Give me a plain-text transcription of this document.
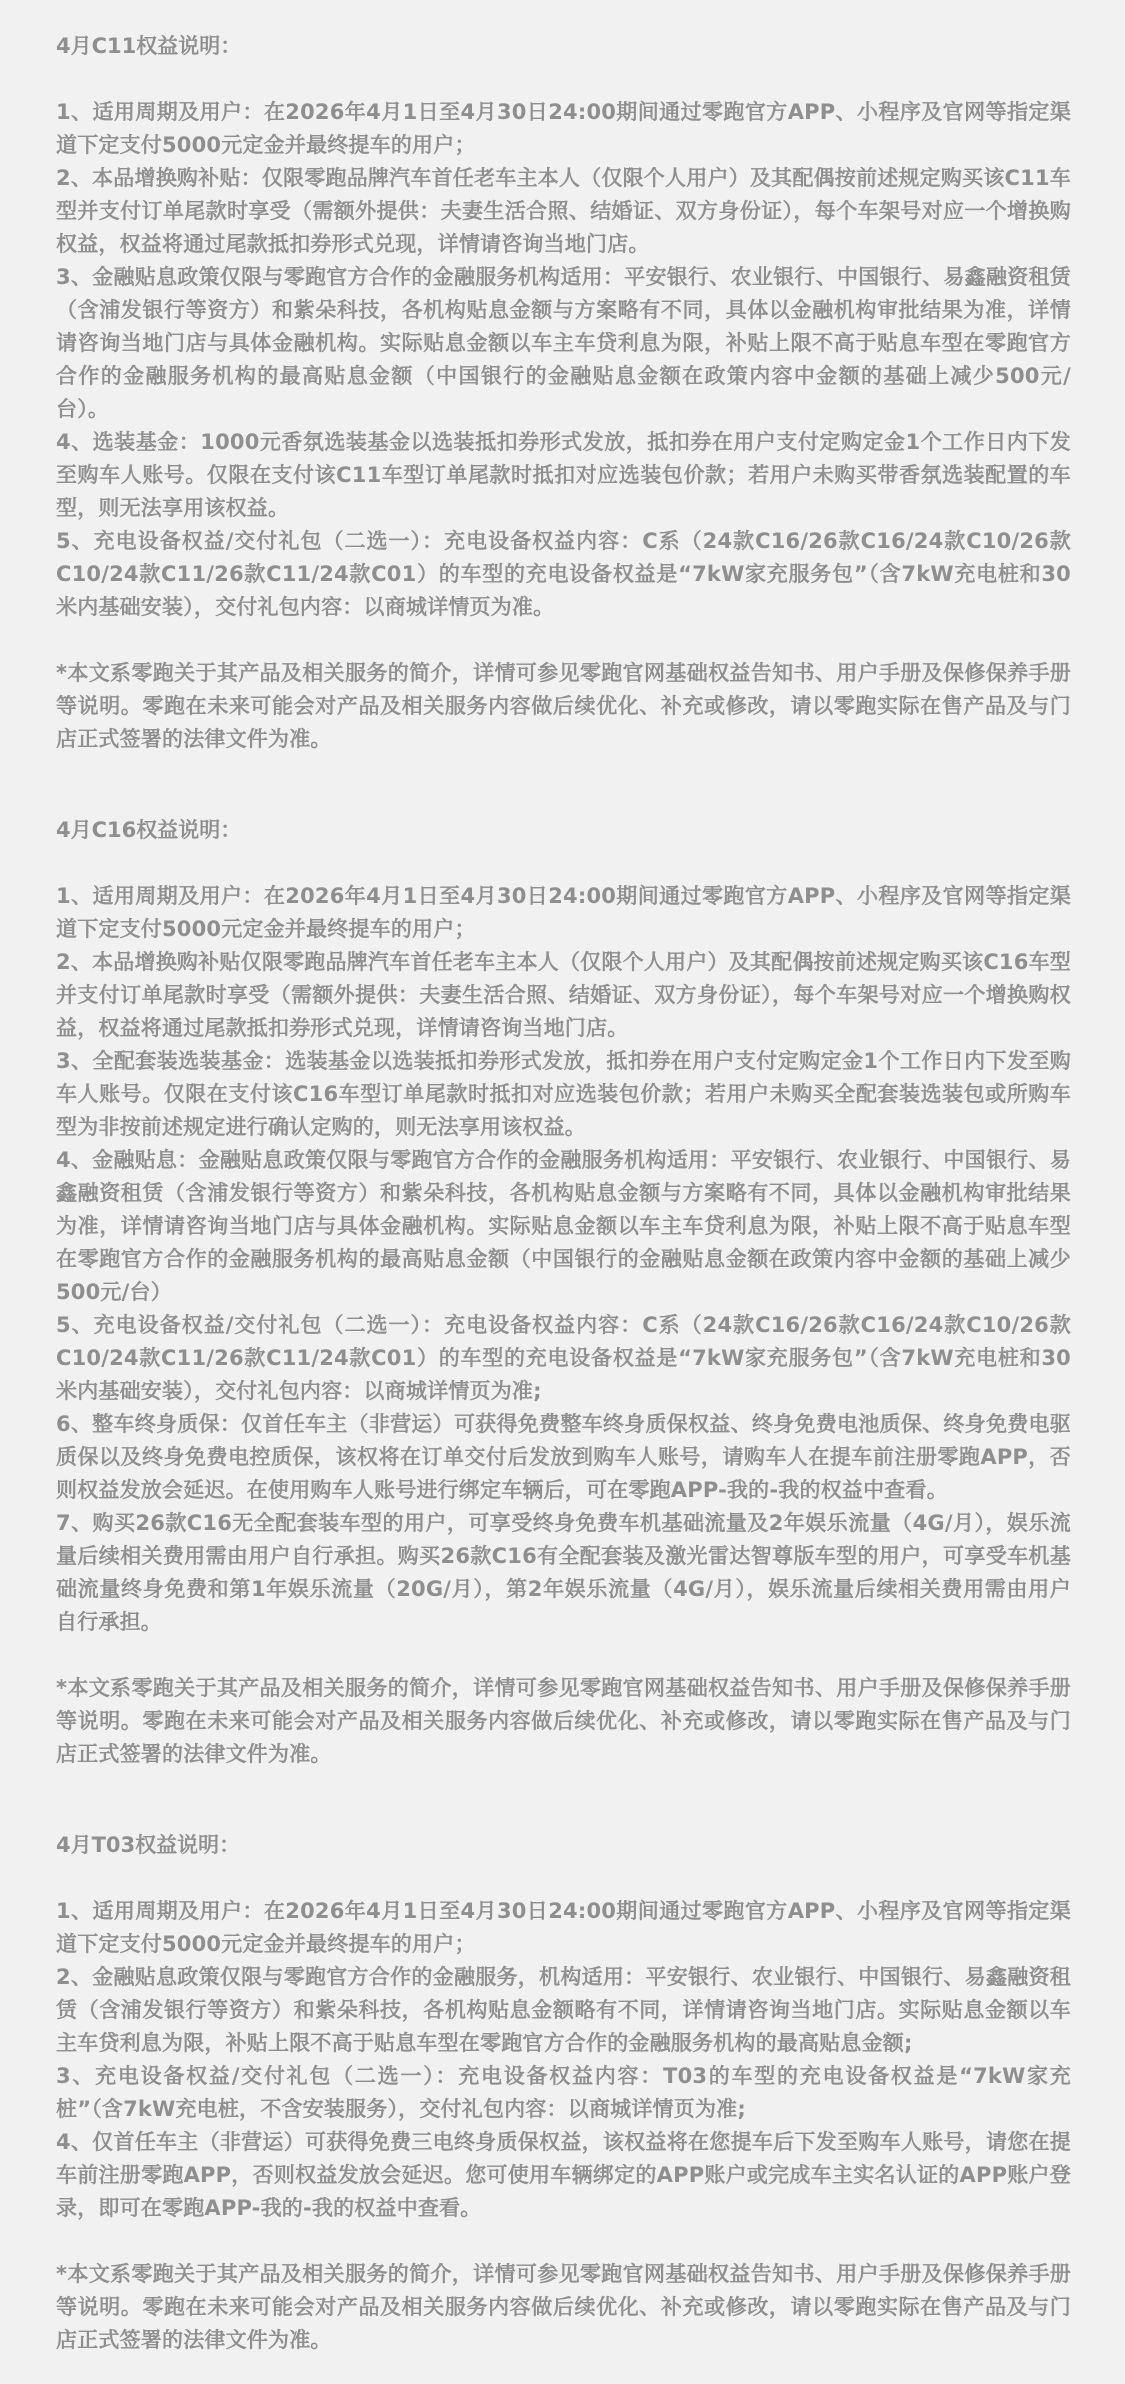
4月C11权益说明：

1、适用周期及用户：在2026年4月1日至4月30日24:00期间通过零跑官方APP、小程序及官网等指定渠道下定支付5000元定金并最终提车的用户；

2、本品增换购补贴：仅限零跑品牌汽车首任老车主本人（仅限个人用户）及其配偶按前述规定购买该C11车型并支付订单尾款时享受（需额外提供：夫妻生活合照、结婚证、双方身份证），每个车架号对应一个增换购权益，权益将通过尾款抵扣券形式兑现，详情请咨询当地门店。

3、金融贴息政策仅限与零跑官方合作的金融服务机构适用：平安银行、农业银行、中国银行、易鑫融资租赁（含浦发银行等资方）和紫朵科技，各机构贴息金额与方案略有不同，具体以金融机构审批结果为准，详情请咨询当地门店与具体金融机构。实际贴息金额以车主车贷利息为限，补贴上限不高于贴息车型在零跑官方合作的金融服务机构的最高贴息金额（中国银行的金融贴息金额在政策内容中金额的基础上减少500元/台）。

4、选装基金：1000元香氛选装基金以选装抵扣券形式发放，抵扣券在用户支付定购定金1个工作日内下发至购车人账号。仅限在支付该C11车型订单尾款时抵扣对应选装包价款；若用户未购买带香氛选装配置的车型，则无法享用该权益。

5、充电设备权益/交付礼包（二选一）：充电设备权益内容：C系（24款C16/26款C16/24款C10/26款C10/24款C11/26款C11/24款C01）的车型的充电设备权益是“7kW家充服务包”（含7kW充电桩和30米内基础安装），交付礼包内容：以商城详情页为准。

*本文系零跑关于其产品及相关服务的简介，详情可参见零跑官网基础权益告知书、用户手册及保修保养手册等说明。零跑在未来可能会对产品及相关服务内容做后续优化、补充或修改，请以零跑实际在售产品及与门店正式签署的法律文件为准。

4月C16权益说明：

1、适用周期及用户：在2026年4月1日至4月30日24:00期间通过零跑官方APP、小程序及官网等指定渠道下定支付5000元定金并最终提车的用户；

2、本品增换购补贴仅限零跑品牌汽车首任老车主本人（仅限个人用户）及其配偶按前述规定购买该C16车型并支付订单尾款时享受（需额外提供：夫妻生活合照、结婚证、双方身份证），每个车架号对应一个增换购权益，权益将通过尾款抵扣券形式兑现，详情请咨询当地门店。

3、全配套装选装基金：选装基金以选装抵扣券形式发放，抵扣券在用户支付定购定金1个工作日内下发至购车人账号。仅限在支付该C16车型订单尾款时抵扣对应选装包价款；若用户未购买全配套装选装包或所购车型为非按前述规定进行确认定购的，则无法享用该权益。

4、金融贴息：金融贴息政策仅限与零跑官方合作的金融服务机构适用：平安银行、农业银行、中国银行、易鑫融资租赁（含浦发银行等资方）和紫朵科技，各机构贴息金额与方案略有不同，具体以金融机构审批结果为准，详情请咨询当地门店与具体金融机构。实际贴息金额以车主车贷利息为限，补贴上限不高于贴息车型在零跑官方合作的金融服务机构的最高贴息金额（中国银行的金融贴息金额在政策内容中金额的基础上减少500元/台）

5、充电设备权益/交付礼包（二选一）：充电设备权益内容：C系（24款C16/26款C16/24款C10/26款C10/24款C11/26款C11/24款C01）的车型的充电设备权益是“7kW家充服务包”（含7kW充电桩和30米内基础安装），交付礼包内容：以商城详情页为准;

6、整车终身质保：仅首任车主（非营运）可获得免费整车终身质保权益、终身免费电池质保、终身免费电驱质保以及终身免费电控质保，该权将在订单交付后发放到购车人账号，请购车人在提车前注册零跑APP，否则权益发放会延迟。在使用购车人账号进行绑定车辆后，可在零跑APP-我的-我的权益中查看。

7、购买26款C16无全配套装车型的用户，可享受终身免费车机基础流量及2年娱乐流量（4G/月），娱乐流量后续相关费用需由用户自行承担。购买26款C16有全配套装及激光雷达智尊版车型的用户，可享受车机基础流量终身免费和第1年娱乐流量（20G/月），第2年娱乐流量（4G/月），娱乐流量后续相关费用需由用户自行承担。

*本文系零跑关于其产品及相关服务的简介，详情可参见零跑官网基础权益告知书、用户手册及保修保养手册等说明。零跑在未来可能会对产品及相关服务内容做后续优化、补充或修改，请以零跑实际在售产品及与门店正式签署的法律文件为准。

4月T03权益说明：

1、适用周期及用户：在2026年4月1日至4月30日24:00期间通过零跑官方APP、小程序及官网等指定渠道下定支付5000元定金并最终提车的用户；

2、金融贴息政策仅限与零跑官方合作的金融服务，机构适用：平安银行、农业银行、中国银行、易鑫融资租赁（含浦发银行等资方）和紫朵科技，各机构贴息金额略有不同，详情请咨询当地门店。实际贴息金额以车主车贷利息为限，补贴上限不高于贴息车型在零跑官方合作的金融服务机构的最高贴息金额;

3、充电设备权益/交付礼包（二选一）：充电设备权益内容：T03的车型的充电设备权益是“7kW家充桩”（含7kW充电桩，不含安装服务），交付礼包内容：以商城详情页为准;

4、仅首任车主（非营运）可获得免费三电终身质保权益，该权益将在您提车后下发至购车人账号，请您在提车前注册零跑APP，否则权益发放会延迟。您可使用车辆绑定的APP账户或完成车主实名认证的APP账户登录，即可在零跑APP-我的-我的权益中查看。

*本文系零跑关于其产品及相关服务的简介，详情可参见零跑官网基础权益告知书、用户手册及保修保养手册等说明。零跑在未来可能会对产品及相关服务内容做后续优化、补充或修改，请以零跑实际在售产品及与门店正式签署的法律文件为准。
